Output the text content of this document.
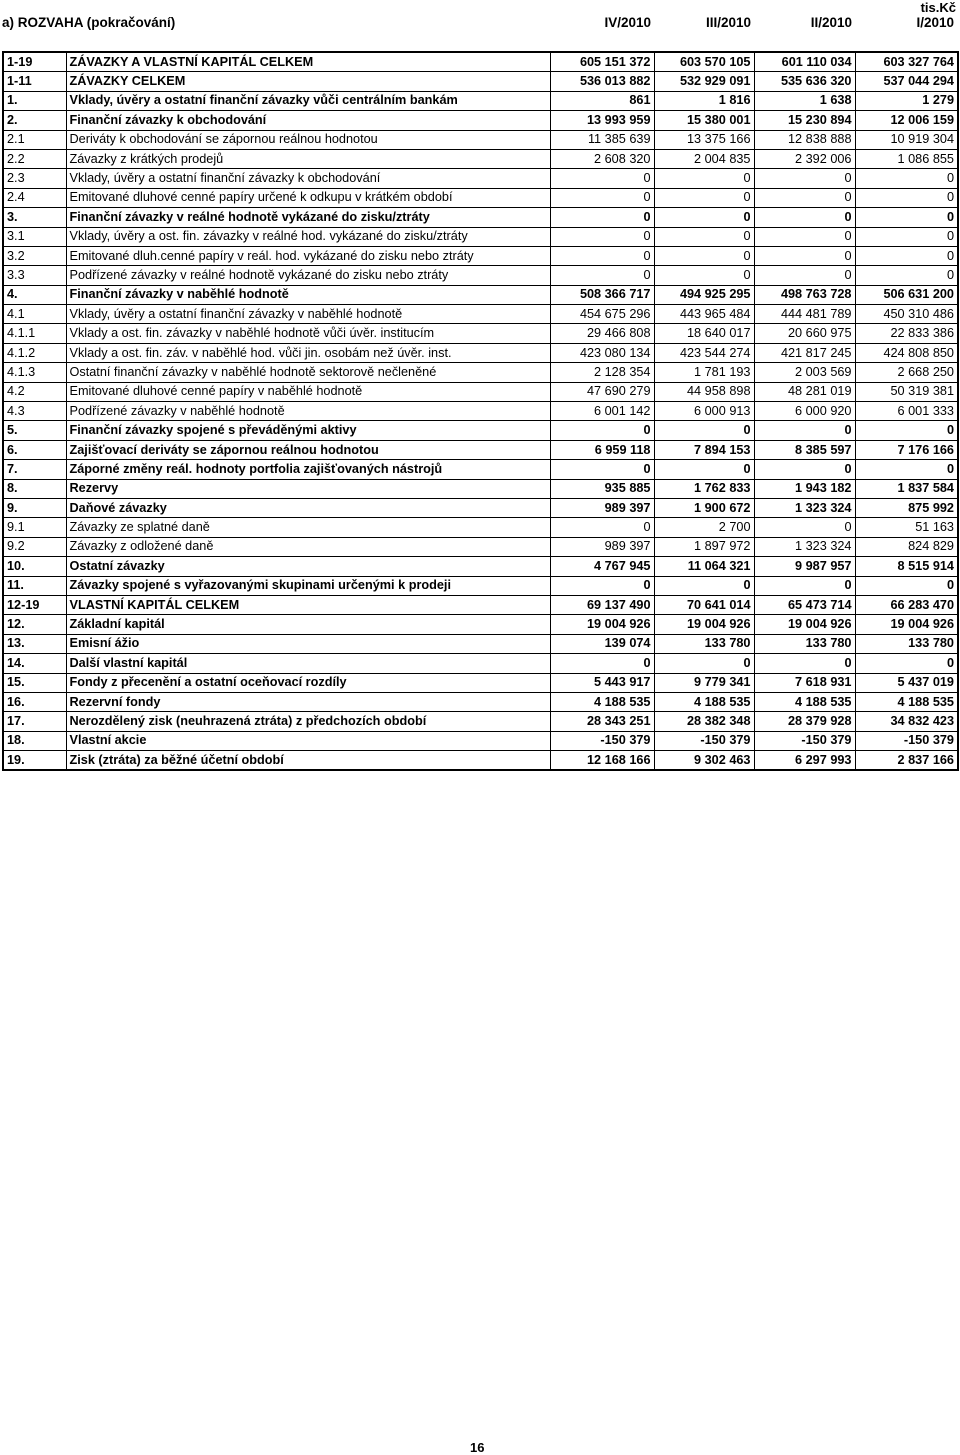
tis.Kč
a) ROZVAHA (pokračování)	IV/2010	III/2010	II/2010	I/2010
1-19	ZÁVAZKY A VLASTNÍ KAPITÁL CELKEM	605 151 372	603 570 105	601 110 034	603 327 764
1-11	ZÁVAZKY CELKEM	536 013 882	532 929 091	535 636 320	537 044 294
1.	Vklady, úvěry a ostatní finanční závazky vůči centrálním bankám	861	1 816	1 638	1 279
2.	Finanční závazky k obchodování	13 993 959	15 380 001	15 230 894	12 006 159
2.1	Deriváty k obchodování se zápornou reálnou hodnotou	11 385 639	13 375 166	12 838 888	10 919 304
2.2	Závazky z krátkých prodejů	2 608 320	2 004 835	2 392 006	1 086 855
2.3	Vklady, úvěry a ostatní finanční závazky k obchodování	0	0	0	0
2.4	Emitované dluhové cenné papíry určené k odkupu v krátkém období	0	0	0	0
3.	Finanční závazky v reálné hodnotě vykázané do zisku/ztráty	0	0	0	0
3.1	Vklady, úvěry a ost. fin. závazky v reálné hod. vykázané do zisku/ztráty	0	0	0	0
3.2	Emitované dluh.cenné papíry v reál. hod. vykázané do zisku nebo ztráty	0	0	0	0
3.3	Podřízené závazky v reálné hodnotě vykázané do zisku nebo ztráty	0	0	0	0
4.	Finanční závazky v naběhlé hodnotě	508 366 717	494 925 295	498 763 728	506 631 200
4.1	Vklady, úvěry a ostatní finanční závazky v naběhlé hodnotě	454 675 296	443 965 484	444 481 789	450 310 486
4.1.1	Vklady a ost. fin. závazky v naběhlé hodnotě vůči úvěr. institucím	29 466 808	18 640 017	20 660 975	22 833 386
4.1.2	Vklady a ost. fin. záv. v naběhlé hod. vůči jin. osobám než úvěr. inst.	423 080 134	423 544 274	421 817 245	424 808 850
4.1.3	Ostatní finanční závazky v naběhlé hodnotě sektorově nečleněné	2 128 354	1 781 193	2 003 569	2 668 250
4.2	Emitované dluhové cenné papíry v naběhlé hodnotě	47 690 279	44 958 898	48 281 019	50 319 381
4.3	Podřízené závazky v naběhlé hodnotě	6 001 142	6 000 913	6 000 920	6 001 333
5.	Finanční závazky spojené s převáděnými aktivy	0	0	0	0
6.	Zajišťovací deriváty se zápornou reálnou hodnotou	6 959 118	7 894 153	8 385 597	7 176 166
7.	Záporné změny reál. hodnoty portfolia zajišťovaných nástrojů	0	0	0	0
8.	Rezervy	935 885	1 762 833	1 943 182	1 837 584
9.	Daňové závazky	989 397	1 900 672	1 323 324	875 992
9.1	Závazky ze splatné daně	0	2 700	0	51 163
9.2	Závazky z odložené daně	989 397	1 897 972	1 323 324	824 829
10.	Ostatní závazky	4 767 945	11 064 321	9 987 957	8 515 914
11.	Závazky spojené s vyřazovanými skupinami určenými k prodeji	0	0	0	0
12-19	VLASTNÍ KAPITÁL CELKEM	69 137 490	70 641 014	65 473 714	66 283 470
12.	Základní kapitál	19 004 926	19 004 926	19 004 926	19 004 926
13.	Emisní ážio	139 074	133 780	133 780	133 780
14.	Další vlastní kapitál	0	0	0	0
15.	Fondy z přecenění a ostatní oceňovací rozdíly	5 443 917	9 779 341	7 618 931	5 437 019
16.	Rezervní fondy	4 188 535	4 188 535	4 188 535	4 188 535
17.	Nerozdělený zisk (neuhrazená ztráta) z předchozích období	28 343 251	28 382 348	28 379 928	34 832 423
18.	Vlastní akcie	-150 379	-150 379	-150 379	-150 379
19.	Zisk (ztráta) za běžné účetní období	12 168 166	9 302 463	6 297 993	2 837 166
16
